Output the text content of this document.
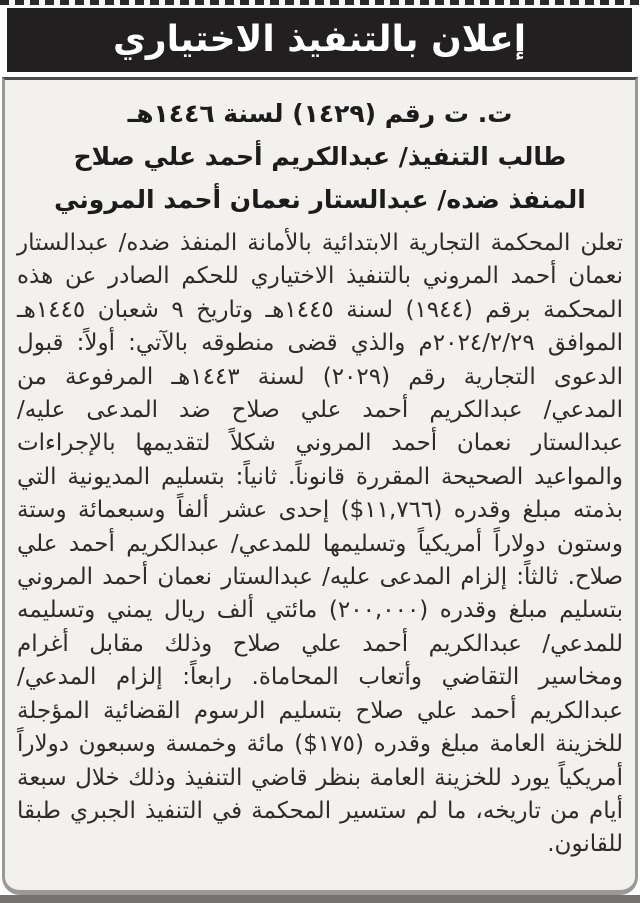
إعلان بالتنفيذ الاختياري
ت. ت رقم (١٤٢٩) لسنة ١٤٤٦هـ
طالب التنفيذ/ عبدالكريم أحمد علي صلاح
المنفذ ضده/ عبدالستار نعمان أحمد المروني

تعلن المحكمة التجارية الابتدائية بالأمانة المنفذ ضده/ عبدالستار نعمان أحمد المروني بالتنفيذ الاختياري للحكم الصادر عن هذه المحكمة برقم (١٩٤٤) لسنة ١٤٤٥هـ وتاريخ ٩ شعبان ١٤٤٥هـ الموافق ٢٠٢٤/٢/٢٩م والذي قضى منطوقه بالآتي: أولاً: قبول الدعوى التجارية رقم (٢٠٢٩) لسنة ١٤٤٣هـ المرفوعة من المدعي/ عبدالكريم أحمد علي صلاح ضد المدعى عليه/ عبدالستار نعمان أحمد المروني شكلاً لتقديمها بالإجراءات والمواعيد الصحيحة المقررة قانوناً. ثانياً: بتسليم المديونية التي بذمته مبلغ وقدره (١١,٧٦٦$) إحدى عشر ألفاً وسبعمائة وستة وستون دولاراً أمريكياً وتسليمها للمدعي/ عبدالكريم أحمد علي صلاح. ثالثاً: إلزام المدعى عليه/ عبدالستار نعمان أحمد المروني بتسليم مبلغ وقدره (٢٠٠,٠٠٠) مائتي ألف ريال يمني وتسليمه للمدعي/ عبدالكريم أحمد علي صلاح وذلك مقابل أغرام ومخاسير التقاضي وأتعاب المحاماة. رابعاً: إلزام المدعي/ عبدالكريم أحمد علي صلاح بتسليم الرسوم القضائية المؤجلة للخزينة العامة مبلغ وقدره (١٧٥$) مائة وخمسة وسبعون دولاراً أمريكياً يورد للخزينة العامة بنظر قاضي التنفيذ وذلك خلال سبعة أيام من تاريخه، ما لم ستسير المحكمة في التنفيذ الجبري طبقا للقانون.
